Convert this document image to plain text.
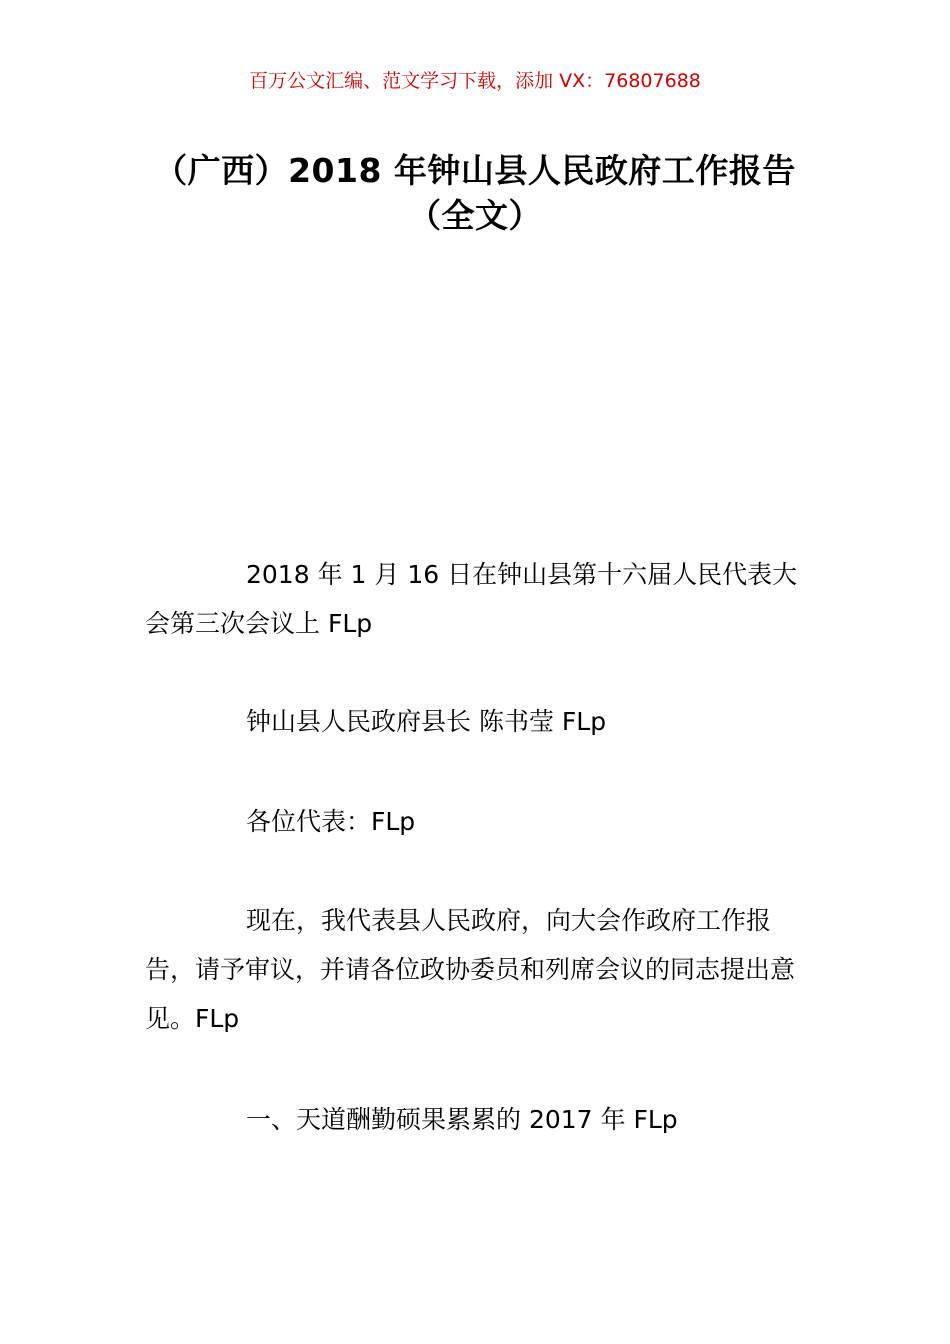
百万公文汇编、范文学习下载，添加 VX：76807688
（广西）2018 年钟山县人民政府工作报告
（全文）

2018 年 1 月 16 日在钟山县第十六届人民代表大会第三次会议上 FLp

钟山县人民政府县长 陈书莹 FLp

各位代表：FLp

现在，我代表县人民政府，向大会作政府工作报告，请予审议，并请各位政协委员和列席会议的同志提出意见。FLp

一、天道酬勤硕果累累的 2017 年 FLp
